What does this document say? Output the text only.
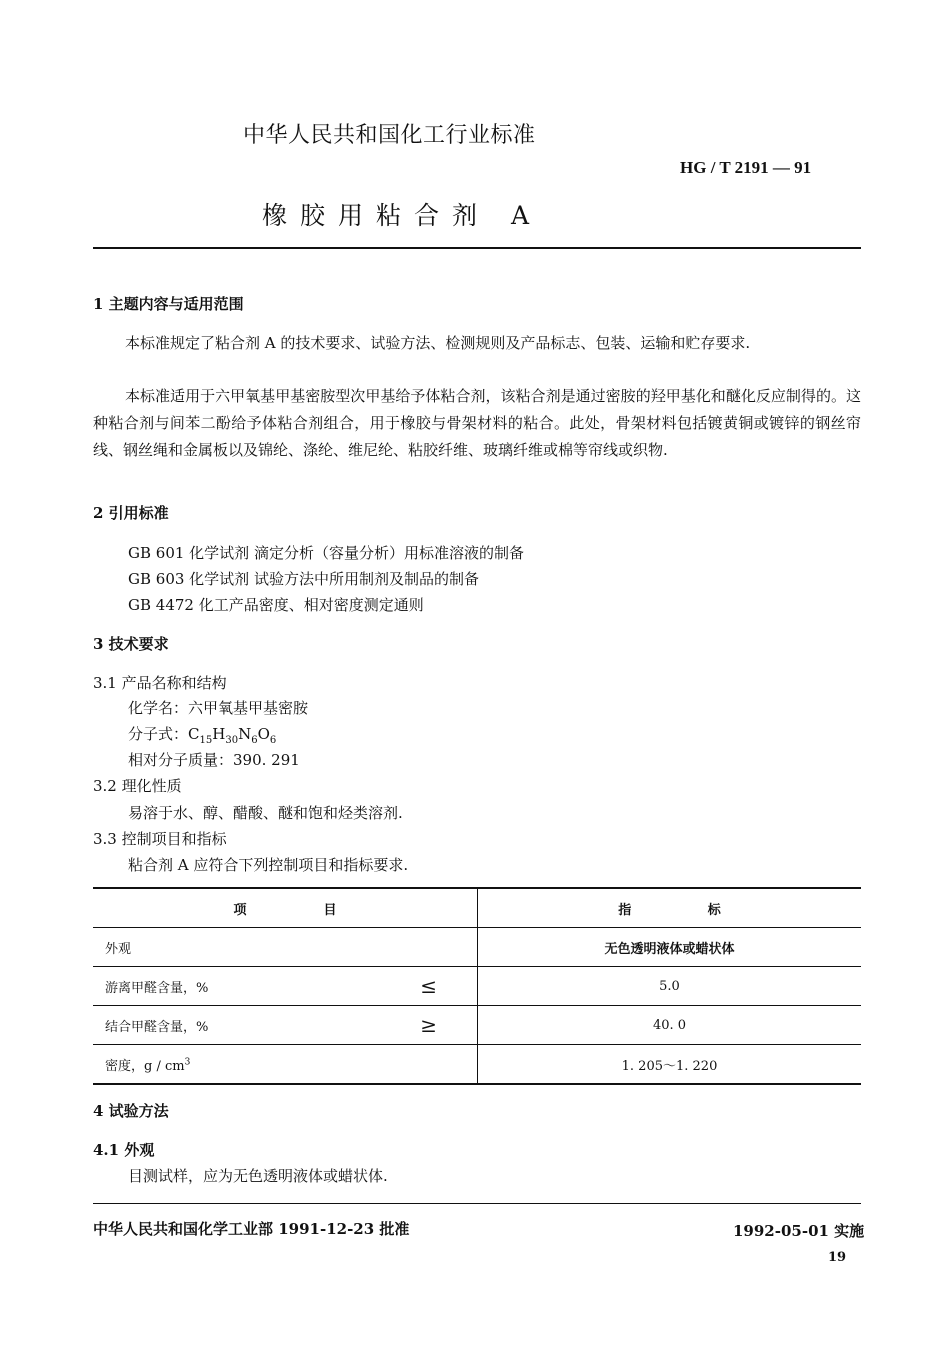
中华人民共和国化工行业标准
HG / T 2191 — 91
橡胶用粘合剂 A
1 主题内容与适用范围
本标准规定了粘合剂 A 的技术要求、试验方法、检测规则及产品标志、包装、运输和贮存要求.
本标准适用于六甲氧基甲基密胺型次甲基给予体粘合剂，该粘合剂是通过密胺的羟甲基化和醚化反应制得的。这种粘合剂与间苯二酚给予体粘合剂组合，用于橡胶与骨架材料的粘合。此处，骨架材料包括镀黄铜或镀锌的钢丝帘线、钢丝绳和金属板以及锦纶、涤纶、维尼纶、粘胶纤维、玻璃纤维或棉等帘线或织物.
2 引用标准
GB 601 化学试剂 滴定分析（容量分析）用标准溶液的制备
GB 603 化学试剂 试验方法中所用制剂及制品的制备
GB 4472 化工产品密度、相对密度测定通则
3 技术要求
3.1 产品名称和结构
化学名：六甲氧基甲基密胺
分子式：$C_{15}H_{30}N_6O_6$
相对分子质量：390. 291
3.2 理化性质
易溶于水、醇、醋酸、醚和饱和烃类溶剂.
3.3 控制项目和指标
粘合剂 A 应符合下列控制项目和指标要求.
项 目	指 标

外观	无色透明液体或蜡状体

游离甲醛含量，% ≤	5.0

结合甲醛含量，% ≥	40. 0

密度，g / $cm^3$	1. 205～1. 220
4 试验方法
4.1 外观
目测试样，应为无色透明液体或蜡状体.
中华人民共和国化学工业部 1991-12-23 批准	1992-05-01 实施
19
